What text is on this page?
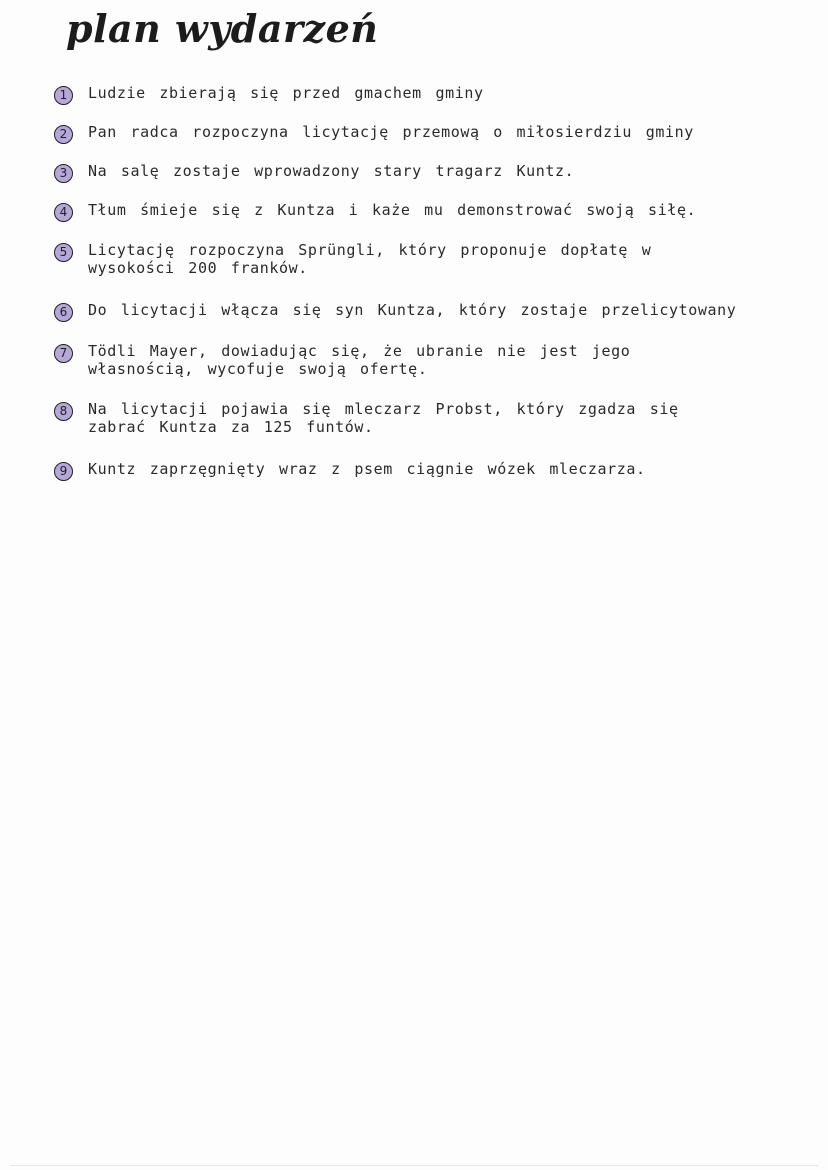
plan wydarzeń
1	Ludzie zbierają się przed gmachem gminy
2	Pan radca rozpoczyna licytację przemową o miłosierdziu gminy
3	Na salę zostaje wprowadzony stary tragarz Kuntz.
4	Tłum śmieje się z Kuntza i każe mu demonstrować swoją siłę.
5	Licytację rozpoczyna Sprüngli, który proponuje dopłatę w wysokości 200 franków.
6	Do licytacji włącza się syn Kuntza, który zostaje przelicytowany
7	Tödli Mayer, dowiadując się, że ubranie nie jest jego własnością, wycofuje swoją ofertę.
8	Na licytacji pojawia się mleczarz Probst, który zgadza się zabrać Kuntza za 125 funtów.
9	Kuntz zaprzęgnięty wraz z psem ciągnie wózek mleczarza.
